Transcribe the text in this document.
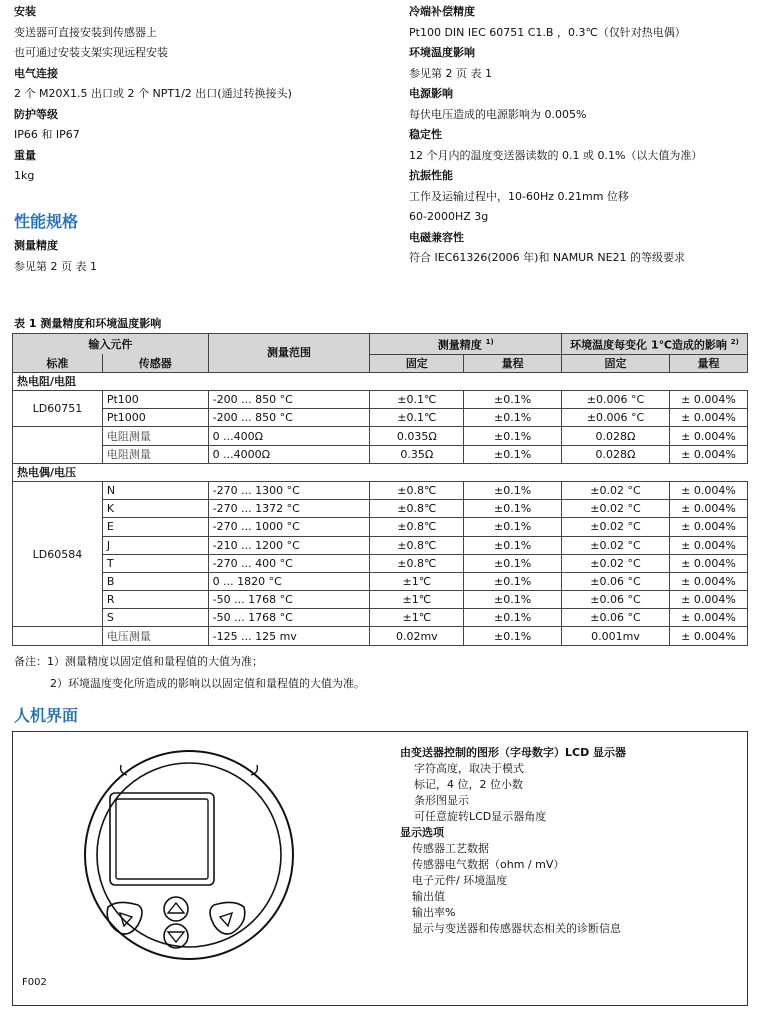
安装
变送器可直接安装到传感器上
也可通过安装支架实现远程安装
电气连接
2 个 M20X1.5 出口或 2 个 NPT1/2 出口(通过转换接头)
防护等级
IP66 和 IP67
重量
1kg
性能规格
测量精度
参见第 2 页 表 1
冷端补偿精度
Pt100 DIN IEC 60751 C1.B ，0.3℃（仅针对热电偶）
环境温度影响
参见第 2 页 表 1
电源影响
每伏电压造成的电源影响为 0.005%
稳定性
12 个月内的温度变送器读数的 0.1 或 0.1%（以大值为准）
抗振性能
工作及运输过程中，10-60Hz 0.21mm 位移
60-2000HZ 3g
电磁兼容性
符合 IEC61326(2006 年)和 NAMUR NE21 的等级要求
表 1 测量精度和环境温度影响
输入元件		测量范围	测量精度 $^{1)}$		环境温度每变化 1℃造成的影响 $^{2)}$
标准	传感器		固定	量程	固定	量程
热电阻/电阻						
LD60751	Pt100	-200 ... 850 °C	±0.1℃	±0.1%	±0.006 °C	± 0.004%
	Pt1000	-200 ... 850 °C	±0.1℃	±0.1%	±0.006 °C	± 0.004%
	电阻测量	0 ...400Ω	0.035Ω	±0.1%	0.028Ω	± 0.004%
	电阻测量	0 ...4000Ω	0.35Ω	±0.1%	0.028Ω	± 0.004%
热电偶/电压						
LD60584	N	-270 ... 1300 °C	±0.8℃	±0.1%	±0.02 °C	± 0.004%
	K	-270 ... 1372 °C	±0.8℃	±0.1%	±0.02 °C	± 0.004%
	E	-270 ... 1000 °C	±0.8℃	±0.1%	±0.02 °C	± 0.004%
	J	-210 ... 1200 °C	±0.8℃	±0.1%	±0.02 °C	± 0.004%
	T	-270 ... 400 °C	±0.8℃	±0.1%	±0.02 °C	± 0.004%
	B	0 ... 1820 °C	±1℃	±0.1%	±0.06 °C	± 0.004%
	R	-50 ... 1768 °C	±1℃	±0.1%	±0.06 °C	± 0.004%
	S	-50 ... 1768 °C	±1℃	±0.1%	±0.06 °C	± 0.004%
	电压测量	-125 ... 125 mv	0.02mv	±0.1%	0.001mv	± 0.004%
备注：1）测量精度以固定值和量程值的大值为准；
2）环境温度变化所造成的影响以以固定值和量程值的大值为准。
人机界面
F002
由变送器控制的图形（字母数字）LCD 显示器
字符高度，取决于模式
标记，4 位，2 位小数
条形图显示
可任意旋转LCD显示器角度
显示选项
传感器工艺数据
传感器电气数据（ohm / mV）
电子元件/ 环境温度
输出值
输出率%
显示与变送器和传感器状态相关的诊断信息
